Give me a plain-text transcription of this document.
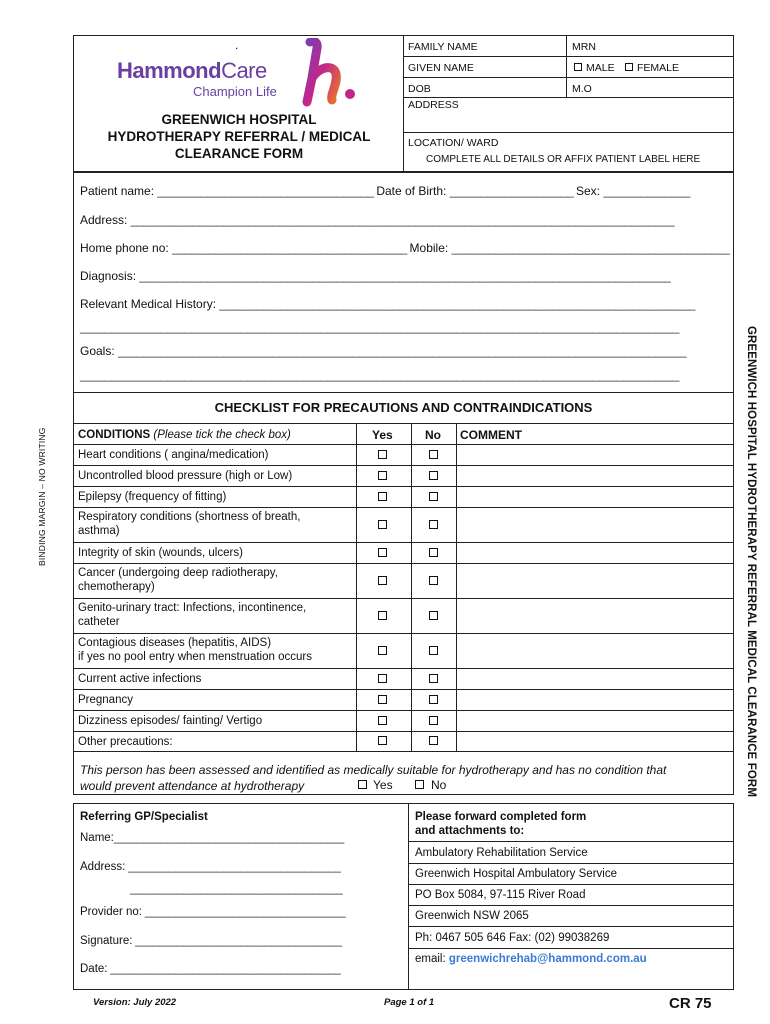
BINDING MARGIN – NO WRITING	GREENWICH HOSPITAL HYDROTHERAPY REFERRAL MEDICAL CLEARANCE FORM
.
HammondCare
Champion Life
GREENWICH HOSPITAL
HYDROTHERAPY REFERRAL / MEDICAL
CLEARANCE FORM
FAMILY NAME	MRN
GIVEN NAME	MALE FEMALE
DOB	M.O
ADDRESS
LOCATION/ WARD
COMPLETE ALL DETAILS OR AFFIX PATIENT LABEL HERE
Patient name: ___________________________________ Date of Birth: ____________________ Sex: ______________
Address: ________________________________________________________________________________________
Home phone no: ______________________________________ Mobile: _____________________________________________
Diagnosis: ______________________________________________________________________________________
Relevant Medical History: _____________________________________________________________________________
_________________________________________________________________________________________________
Goals: ____________________________________________________________________________________________
_________________________________________________________________________________________________
CHECKLIST FOR PRECAUTIONS AND CONTRAINDICATIONS
CONDITIONS (Please tick the check box)	Yes	No COMMENT
Heart conditions ( angina/medication)
Uncontrolled blood pressure (high or Low)
Epilepsy (frequency of fitting)
Respiratory conditions (shortness of breath,
asthma)
Integrity of skin (wounds, ulcers)
Cancer (undergoing deep radiotherapy,
chemotherapy)
Genito-urinary tract: Infections, incontinence,
catheter
Contagious diseases (hepatitis, AIDS)
if yes no pool entry when menstruation occurs
Current active infections
Pregnancy
Dizziness episodes/ fainting/ Vertigo
Other precautions:
This person has been assessed and identified as medically suitable for hydrotherapy and has no condition that
would prevent attendance at hydrotherapy	Yes	No
Referring GP/Specialist
Name:_______________________________________
Address: ____________________________________
____________________________________
Provider no: __________________________________
Signature: ___________________________________
Date: _______________________________________
Please forward completed form
and attachments to:
Ambulatory Rehabilitation Service
Greenwich Hospital Ambulatory Service
PO Box 5084, 97-115 River Road
Greenwich NSW 2065
Ph: 0467 505 646 Fax: (02) 99038269
email: greenwichrehab@hammond.com.au
Version: July 2022	Page 1 of 1	CR 75
